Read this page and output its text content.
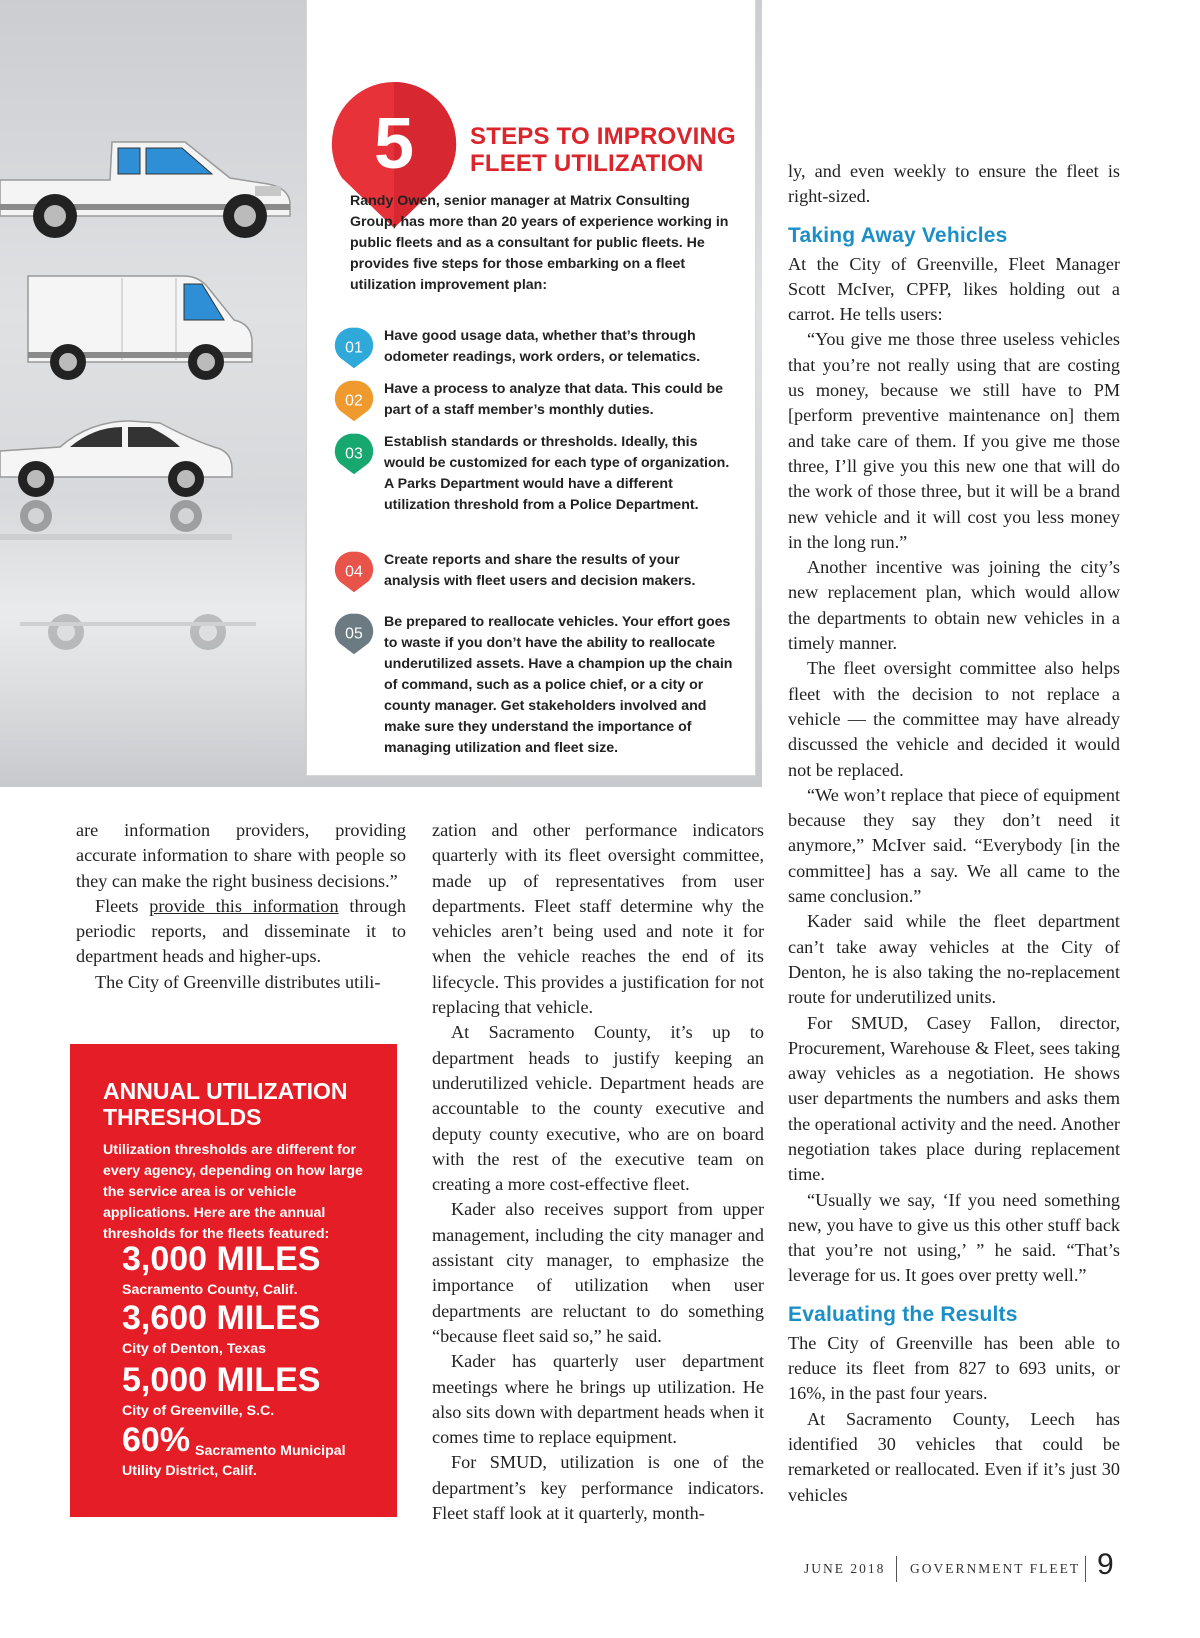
5 STEPS TO IMPROVING FLEET UTILIZATION
Randy Owen, senior manager at Matrix Consulting Group, has more than 20 years of experience working in public fleets and as a consultant for public fleets. He provides five steps for those embarking on a fleet utilization improvement plan:
01
Have good usage data, whether that’s through odometer readings, work orders, or telematics.
02
Have a process to analyze that data. This could be part of a staff member’s monthly duties.
03
Establish standards or thresholds. Ideally, this would be customized for each type of organization. A Parks Department would have a different utilization threshold from a Police Department.
04
Create reports and share the results of your analysis with fleet users and decision makers.
05
Be prepared to reallocate vehicles. Your effort goes to waste if you don’t have the ability to reallocate underutilized assets. Have a champion up the chain of command, such as a police chief, or a city or county manager. Get stakeholders involved and make sure they understand the importance of managing utilization and fleet size.

are information providers, providing accurate information to share with people so they can make the right business decisions.”

Fleets provide this information through periodic reports, and disseminate it to department heads and higher-ups.

The City of Greenville distributes utili-

ANNUAL UTILIZATION THRESHOLDS
Utilization thresholds are different for every agency, depending on how large the service area is or vehicle applications. Here are the annual thresholds for the fleets featured:
3,000 MILES
Sacramento County, Calif.
3,600 MILES
City of Denton, Texas
5,000 MILES
City of Greenville, S.C.
60% Sacramento Municipal
Utility District, Calif.

zation and other performance indicators quarterly with its fleet oversight committee, made up of representatives from user departments. Fleet staff determine why the vehicles aren’t being used and note it for when the vehicle reaches the end of its lifecycle. This provides a justification for not replacing that vehicle.

At Sacramento County, it’s up to department heads to justify keeping an underutilized vehicle. Department heads are accountable to the county executive and deputy county executive, who are on board with the rest of the executive team on creating a more cost-effective fleet.

Kader also receives support from upper management, including the city manager and assistant city manager, to emphasize the importance of utilization when user departments are reluctant to do something “because fleet said so,” he said.

Kader has quarterly user department meetings where he brings up utilization. He also sits down with department heads when it comes time to replace equipment.

For SMUD, utilization is one of the department’s key performance indicators. Fleet staff look at it quarterly, month-

ly, and even weekly to ensure the fleet is right-sized.

Taking Away Vehicles

At the City of Greenville, Fleet Manager Scott McIver, CPFP, likes holding out a carrot. He tells users:

“You give me those three useless vehicles that you’re not really using that are costing us money, because we still have to PM [perform preventive maintenance on] them and take care of them. If you give me those three, I’ll give you this new one that will do the work of those three, but it will be a brand new vehicle and it will cost you less money in the long run.”

Another incentive was joining the city’s new replacement plan, which would allow the departments to obtain new vehicles in a timely manner.

The fleet oversight committee also helps fleet with the decision to not replace a vehicle — the committee may have already discussed the vehicle and decided it would not be replaced.

“We won’t replace that piece of equipment because they say they don’t need it anymore,” McIver said. “Everybody [in the committee] has a say. We all came to the same conclusion.”

Kader said while the fleet department can’t take away vehicles at the City of Denton, he is also taking the no-replacement route for underutilized units.

For SMUD, Casey Fallon, director, Procurement, Warehouse & Fleet, sees taking away vehicles as a negotiation. He shows user departments the numbers and asks them the operational activity and the need. Another negotiation takes place during replacement time.

“Usually we say, ‘If you need something new, you have to give us this other stuff back that you’re not using,’ ” he said. “That’s leverage for us. It goes over pretty well.”

Evaluating the Results

The City of Greenville has been able to reduce its fleet from 827 to 693 units, or 16%, in the past four years.

At Sacramento County, Leech has identified 30 vehicles that could be remarketed or reallocated. Even if it’s just 30 vehicles

JUNE 2018 GOVERNMENT FLEET 9
